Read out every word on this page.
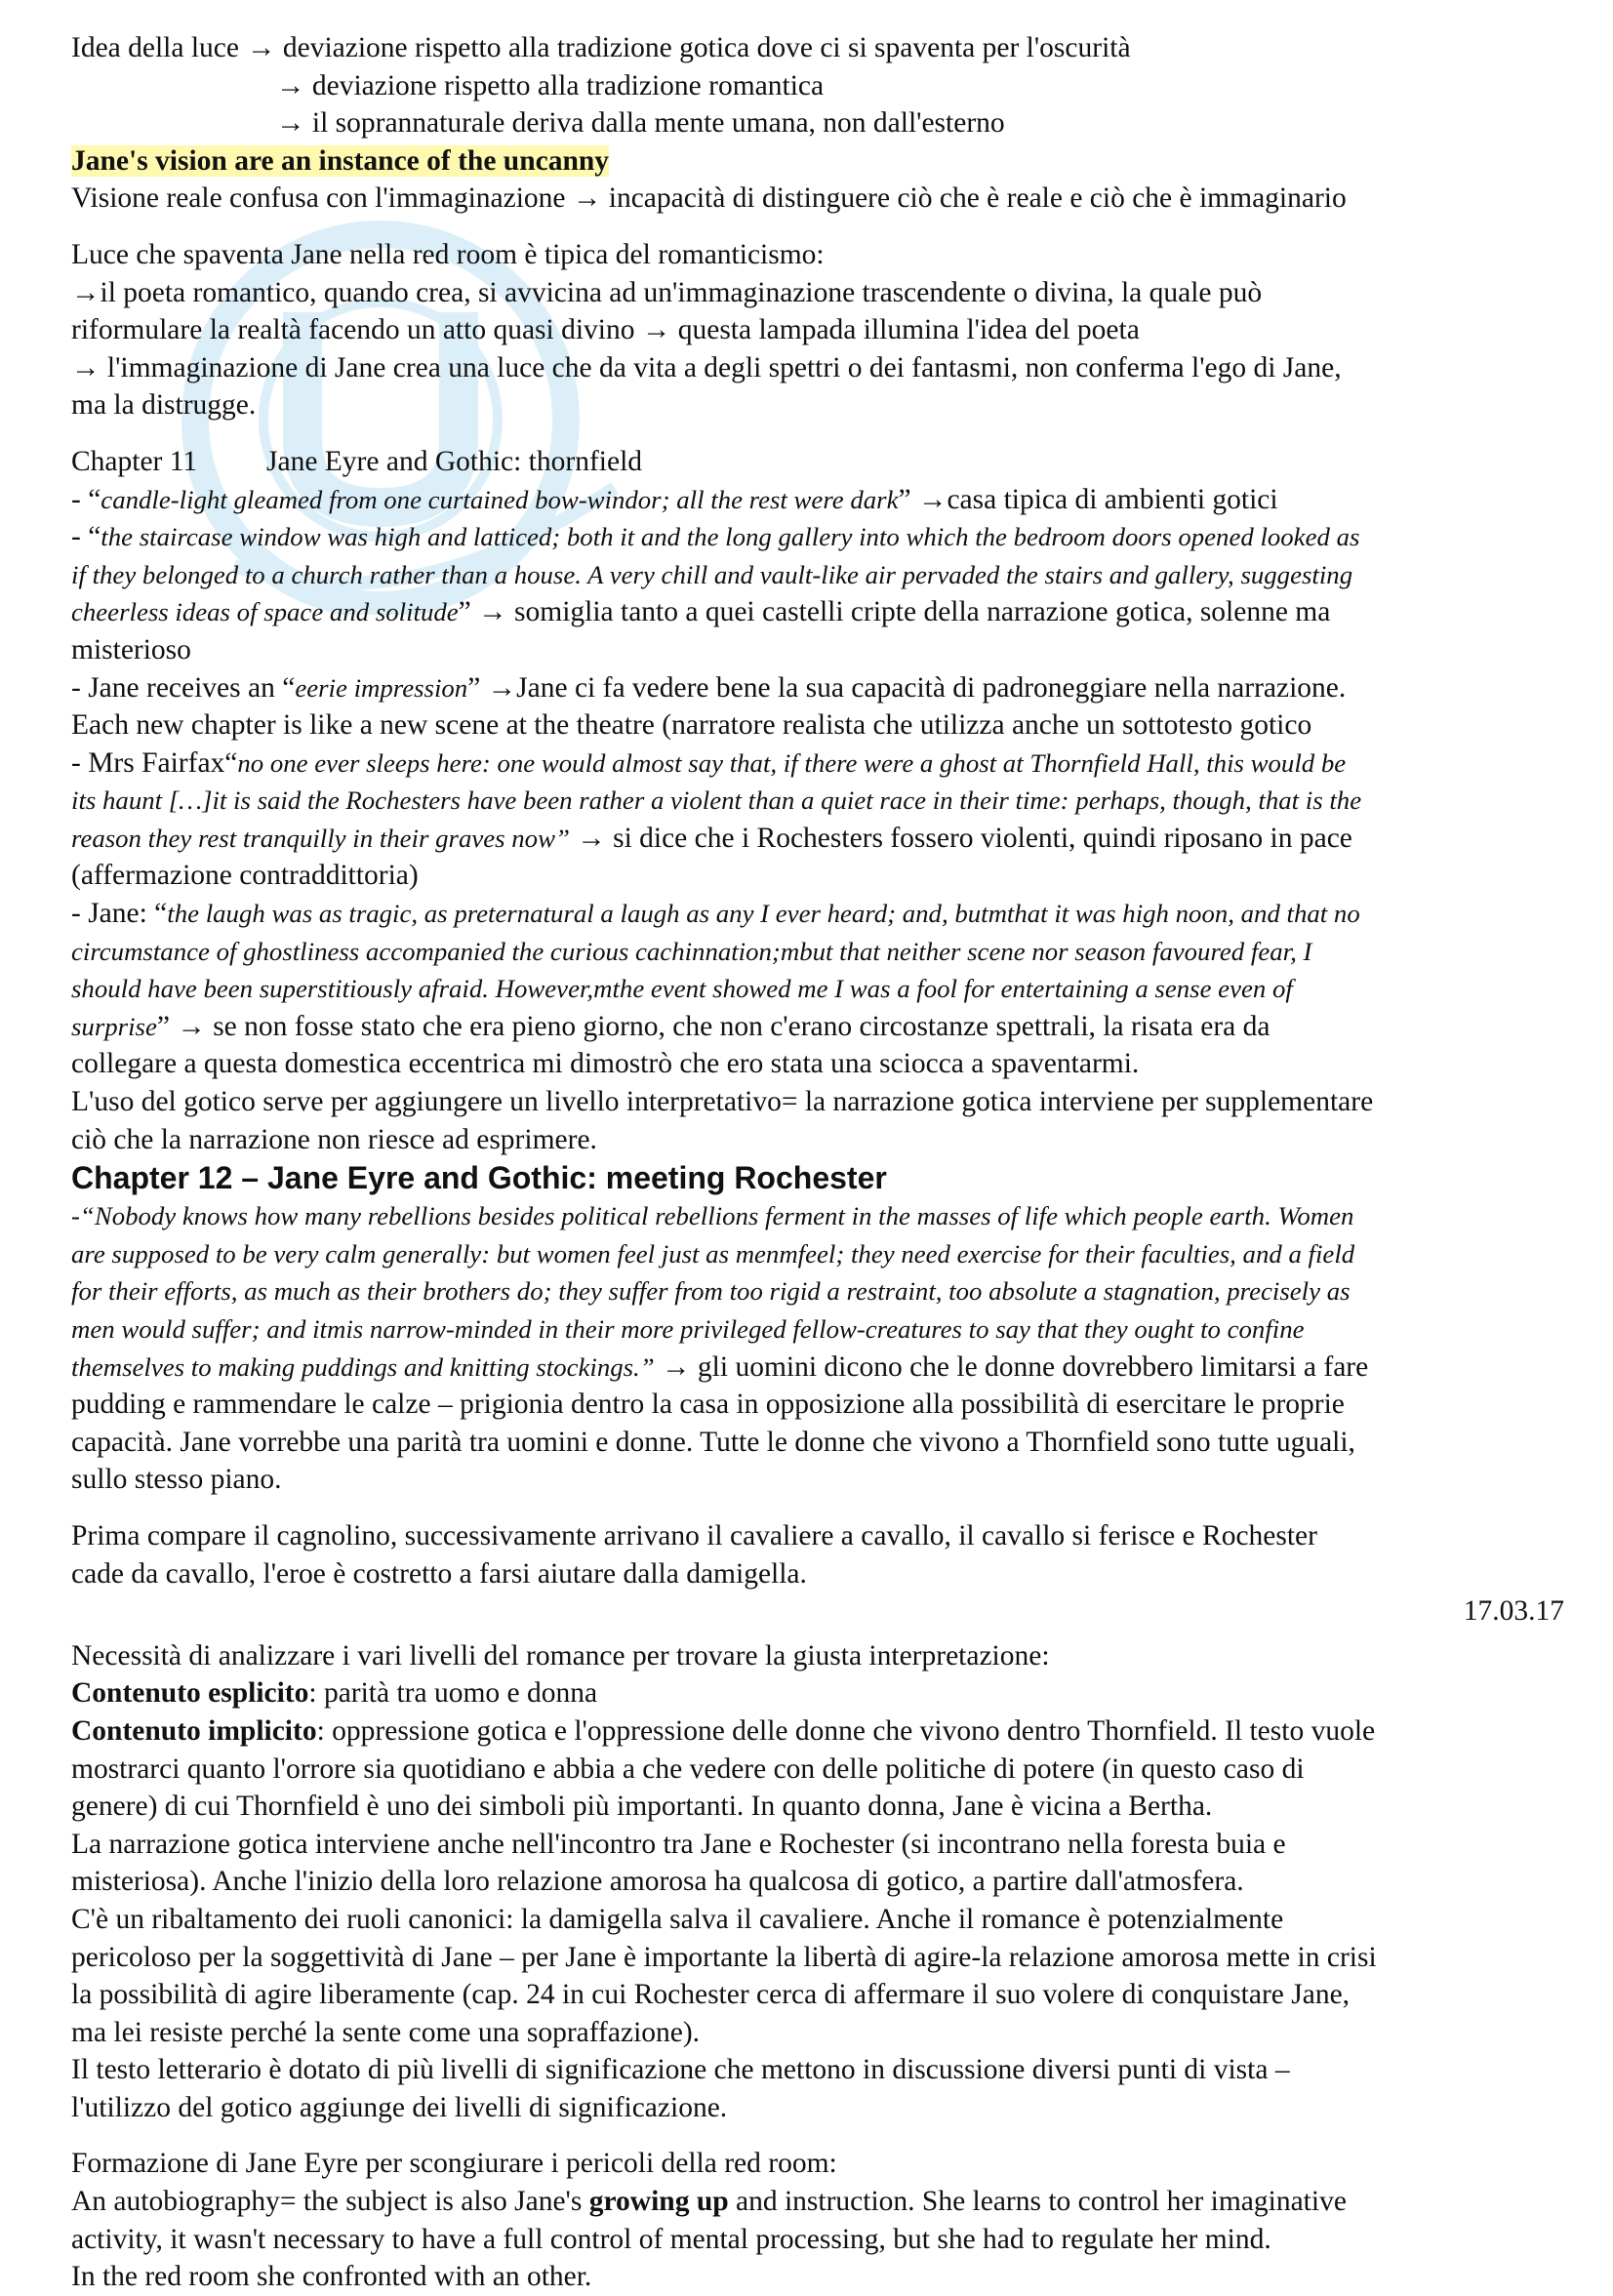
Idea della luce → deviazione rispetto alla tradizione gotica dove ci si spaventa per l'oscurità

→ deviazione rispetto alla tradizione romantica

→ il soprannaturale deriva dalla mente umana, non dall'esterno

Jane's vision are an instance of the uncanny

Visione reale confusa con l'immaginazione → incapacità di distinguere ciò che è reale e ciò che è immaginario

Luce che spaventa Jane nella red room è tipica del romanticismo:

→il poeta romantico, quando crea, si avvicina ad un'immaginazione trascendente o divina, la quale può

riformulare la realtà facendo un atto quasi divino → questa lampada illumina l'idea del poeta

→ l'immaginazione di Jane crea una luce che da vita a degli spettri o dei fantasmi, non conferma l'ego di Jane,

ma la distrugge.

Chapter 11 Jane Eyre and Gothic: thornfield

- “candle-light gleamed from one curtained bow-windor; all the rest were dark” →casa tipica di ambienti gotici

- “the staircase window was high and latticed; both it and the long gallery into which the bedroom doors opened looked as

if they belonged to a church rather than a house. A very chill and vault-like air pervaded the stairs and gallery, suggesting

cheerless ideas of space and solitude” → somiglia tanto a quei castelli cripte della narrazione gotica, solenne ma

misterioso

- Jane receives an “eerie impression” →Jane ci fa vedere bene la sua capacità di padroneggiare nella narrazione.

Each new chapter is like a new scene at the theatre (narratore realista che utilizza anche un sottotesto gotico

- Mrs Fairfax“no one ever sleeps here: one would almost say that, if there were a ghost at Thornfield Hall, this would be

its haunt […]it is said the Rochesters have been rather a violent than a quiet race in their time: perhaps, though, that is the

reason they rest tranquilly in their graves now” → si dice che i Rochesters fossero violenti, quindi riposano in pace

(affermazione contraddittoria)

- Jane: “the laugh was as tragic, as preternatural a laugh as any I ever heard; and, butmthat it was high noon, and that no

circumstance of ghostliness accompanied the curious cachinnation;mbut that neither scene nor season favoured fear, I

should have been superstitiously afraid. However,mthe event showed me I was a fool for entertaining a sense even of

surprise” → se non fosse stato che era pieno giorno, che non c'erano circostanze spettrali, la risata era da

collegare a questa domestica eccentrica mi dimostrò che ero stata una sciocca a spaventarmi.

L'uso del gotico serve per aggiungere un livello interpretativo= la narrazione gotica interviene per supplementare

ciò che la narrazione non riesce ad esprimere.

Chapter 12 – Jane Eyre and Gothic: meeting Rochester

-“Nobody knows how many rebellions besides political rebellions ferment in the masses of life which people earth. Women

are supposed to be very calm generally: but women feel just as menmfeel; they need exercise for their faculties, and a field

for their efforts, as much as their brothers do; they suffer from too rigid a restraint, too absolute a stagnation, precisely as

men would suffer; and itmis narrow-minded in their more privileged fellow-creatures to say that they ought to confine

themselves to making puddings and knitting stockings.” → gli uomini dicono che le donne dovrebbero limitarsi a fare

pudding e rammendare le calze – prigionia dentro la casa in opposizione alla possibilità di esercitare le proprie

capacità. Jane vorrebbe una parità tra uomini e donne. Tutte le donne che vivono a Thornfield sono tutte uguali,

sullo stesso piano.

Prima compare il cagnolino, successivamente arrivano il cavaliere a cavallo, il cavallo si ferisce e Rochester

cade da cavallo, l'eroe è costretto a farsi aiutare dalla damigella.

17.03.17

Necessità di analizzare i vari livelli del romance per trovare la giusta interpretazione:

Contenuto esplicito: parità tra uomo e donna

Contenuto implicito: oppressione gotica e l'oppressione delle donne che vivono dentro Thornfield. Il testo vuole

mostrarci quanto l'orrore sia quotidiano e abbia a che vedere con delle politiche di potere (in questo caso di

genere) di cui Thornfield è uno dei simboli più importanti. In quanto donna, Jane è vicina a Bertha.

La narrazione gotica interviene anche nell'incontro tra Jane e Rochester (si incontrano nella foresta buia e

misteriosa). Anche l'inizio della loro relazione amorosa ha qualcosa di gotico, a partire dall'atmosfera.

C'è un ribaltamento dei ruoli canonici: la damigella salva il cavaliere. Anche il romance è potenzialmente

pericoloso per la soggettività di Jane – per Jane è importante la libertà di agire-la relazione amorosa mette in crisi

la possibilità di agire liberamente (cap. 24 in cui Rochester cerca di affermare il suo volere di conquistare Jane,

ma lei resiste perché la sente come una sopraffazione).

Il testo letterario è dotato di più livelli di significazione che mettono in discussione diversi punti di vista –

l'utilizzo del gotico aggiunge dei livelli di significazione.

Formazione di Jane Eyre per scongiurare i pericoli della red room:

An autobiography= the subject is also Jane's growing up and instruction. She learns to control her imaginative

activity, it wasn't necessary to have a full control of mental processing, but she had to regulate her mind.

In the red room she confronted with an other.
